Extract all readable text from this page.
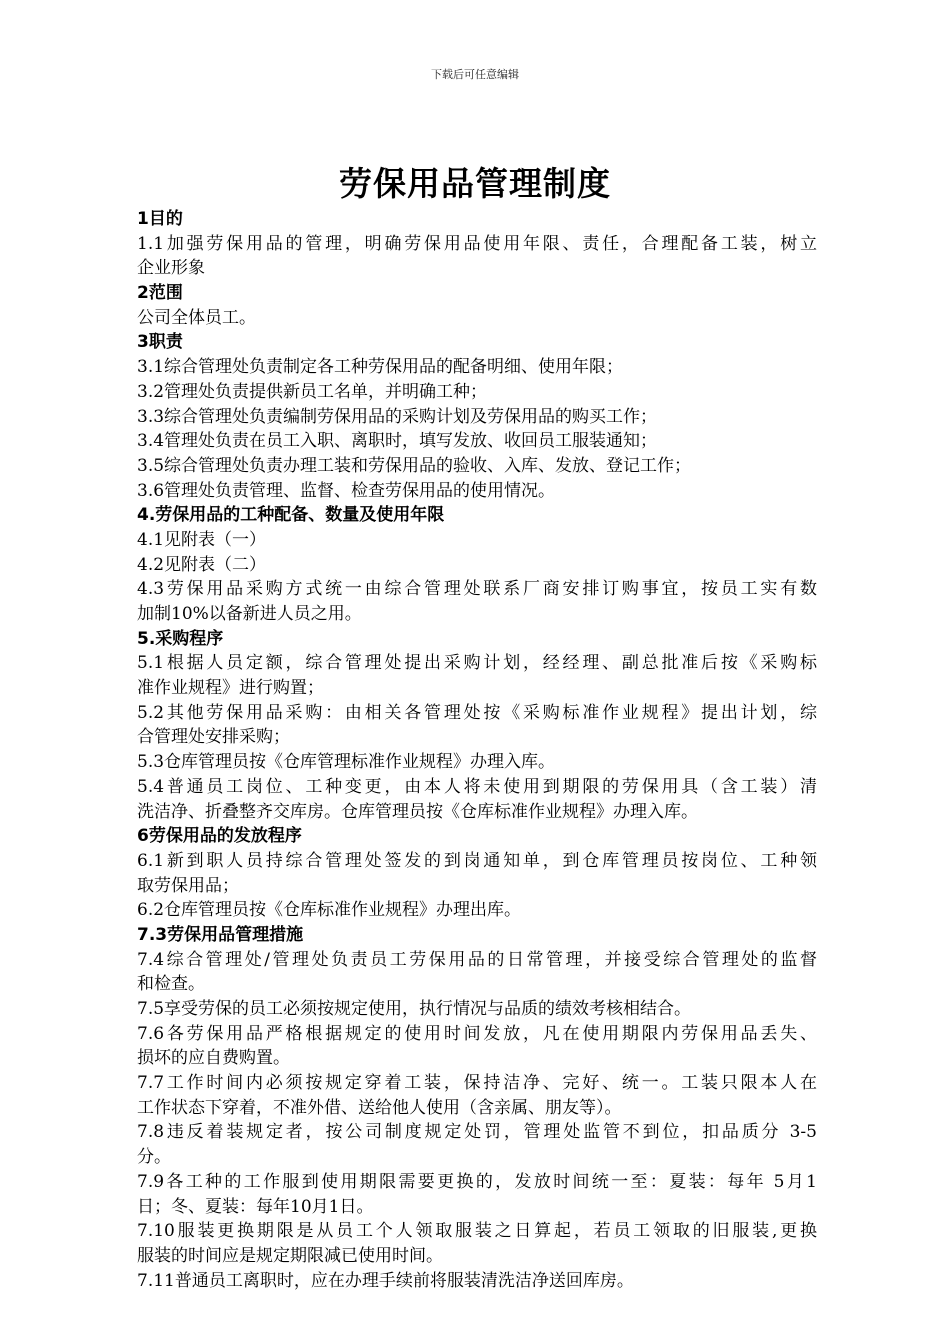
下载后可任意编辑
劳保用品管理制度
1目的
1.1加强劳保用品的管理，明确劳保用品使用年限、责任，合理配备工装，树立
企业形象
2范围
公司全体员工。
3职责
3.1综合管理处负责制定各工种劳保用品的配备明细、使用年限；
3.2管理处负责提供新员工名单，并明确工种；
3.3综合管理处负责编制劳保用品的采购计划及劳保用品的购买工作；
3.4管理处负责在员工入职、离职时，填写发放、收回员工服装通知；
3.5综合管理处负责办理工装和劳保用品的验收、入库、发放、登记工作；
3.6管理处负责管理、监督、检查劳保用品的使用情况。
4.劳保用品的工种配备、数量及使用年限
4.1见附表（一）
4.2见附表（二）
4.3劳保用品采购方式统一由综合管理处联系厂商安排订购事宜，按员工实有数
加制10%以备新进人员之用。
5.采购程序
5.1根据人员定额，综合管理处提出采购计划，经经理、副总批准后按《采购标
准作业规程》进行购置；
5.2其他劳保用品采购：由相关各管理处按《采购标准作业规程》提出计划，综
合管理处安排采购；
5.3仓库管理员按《仓库管理标准作业规程》办理入库。
5.4普通员工岗位、工种变更，由本人将未使用到期限的劳保用具（含工装）清
洗洁净、折叠整齐交库房。仓库管理员按《仓库标准作业规程》办理入库。
6劳保用品的发放程序
6.1新到职人员持综合管理处签发的到岗通知单，到仓库管理员按岗位、工种领
取劳保用品；
6.2仓库管理员按《仓库标准作业规程》办理出库。
7.3劳保用品管理措施
7.4综合管理处/管理处负责员工劳保用品的日常管理，并接受综合管理处的监督
和检查。
7.5享受劳保的员工必须按规定使用，执行情况与品质的绩效考核相结合。
7.6各劳保用品严格根据规定的使用时间发放，凡在使用期限内劳保用品丢失、
损坏的应自费购置。
7.7工作时间内必须按规定穿着工装，保持洁净、完好、统一。工装只限本人在
工作状态下穿着，不准外借、送给他人使用（含亲属、朋友等）。
7.8违反着装规定者，按公司制度规定处罚，管理处监管不到位，扣品质分 3-5
分。
7.9各工种的工作服到使用期限需要更换的，发放时间统一至：夏装：每年 5月1
日；冬、夏装：每年10月1日。
7.10服装更换期限是从员工个人领取服装之日算起，若员工领取的旧服装,更换
服装的时间应是规定期限减已使用时间。
7.11普通员工离职时，应在办理手续前将服装清洗洁净送回库房。
